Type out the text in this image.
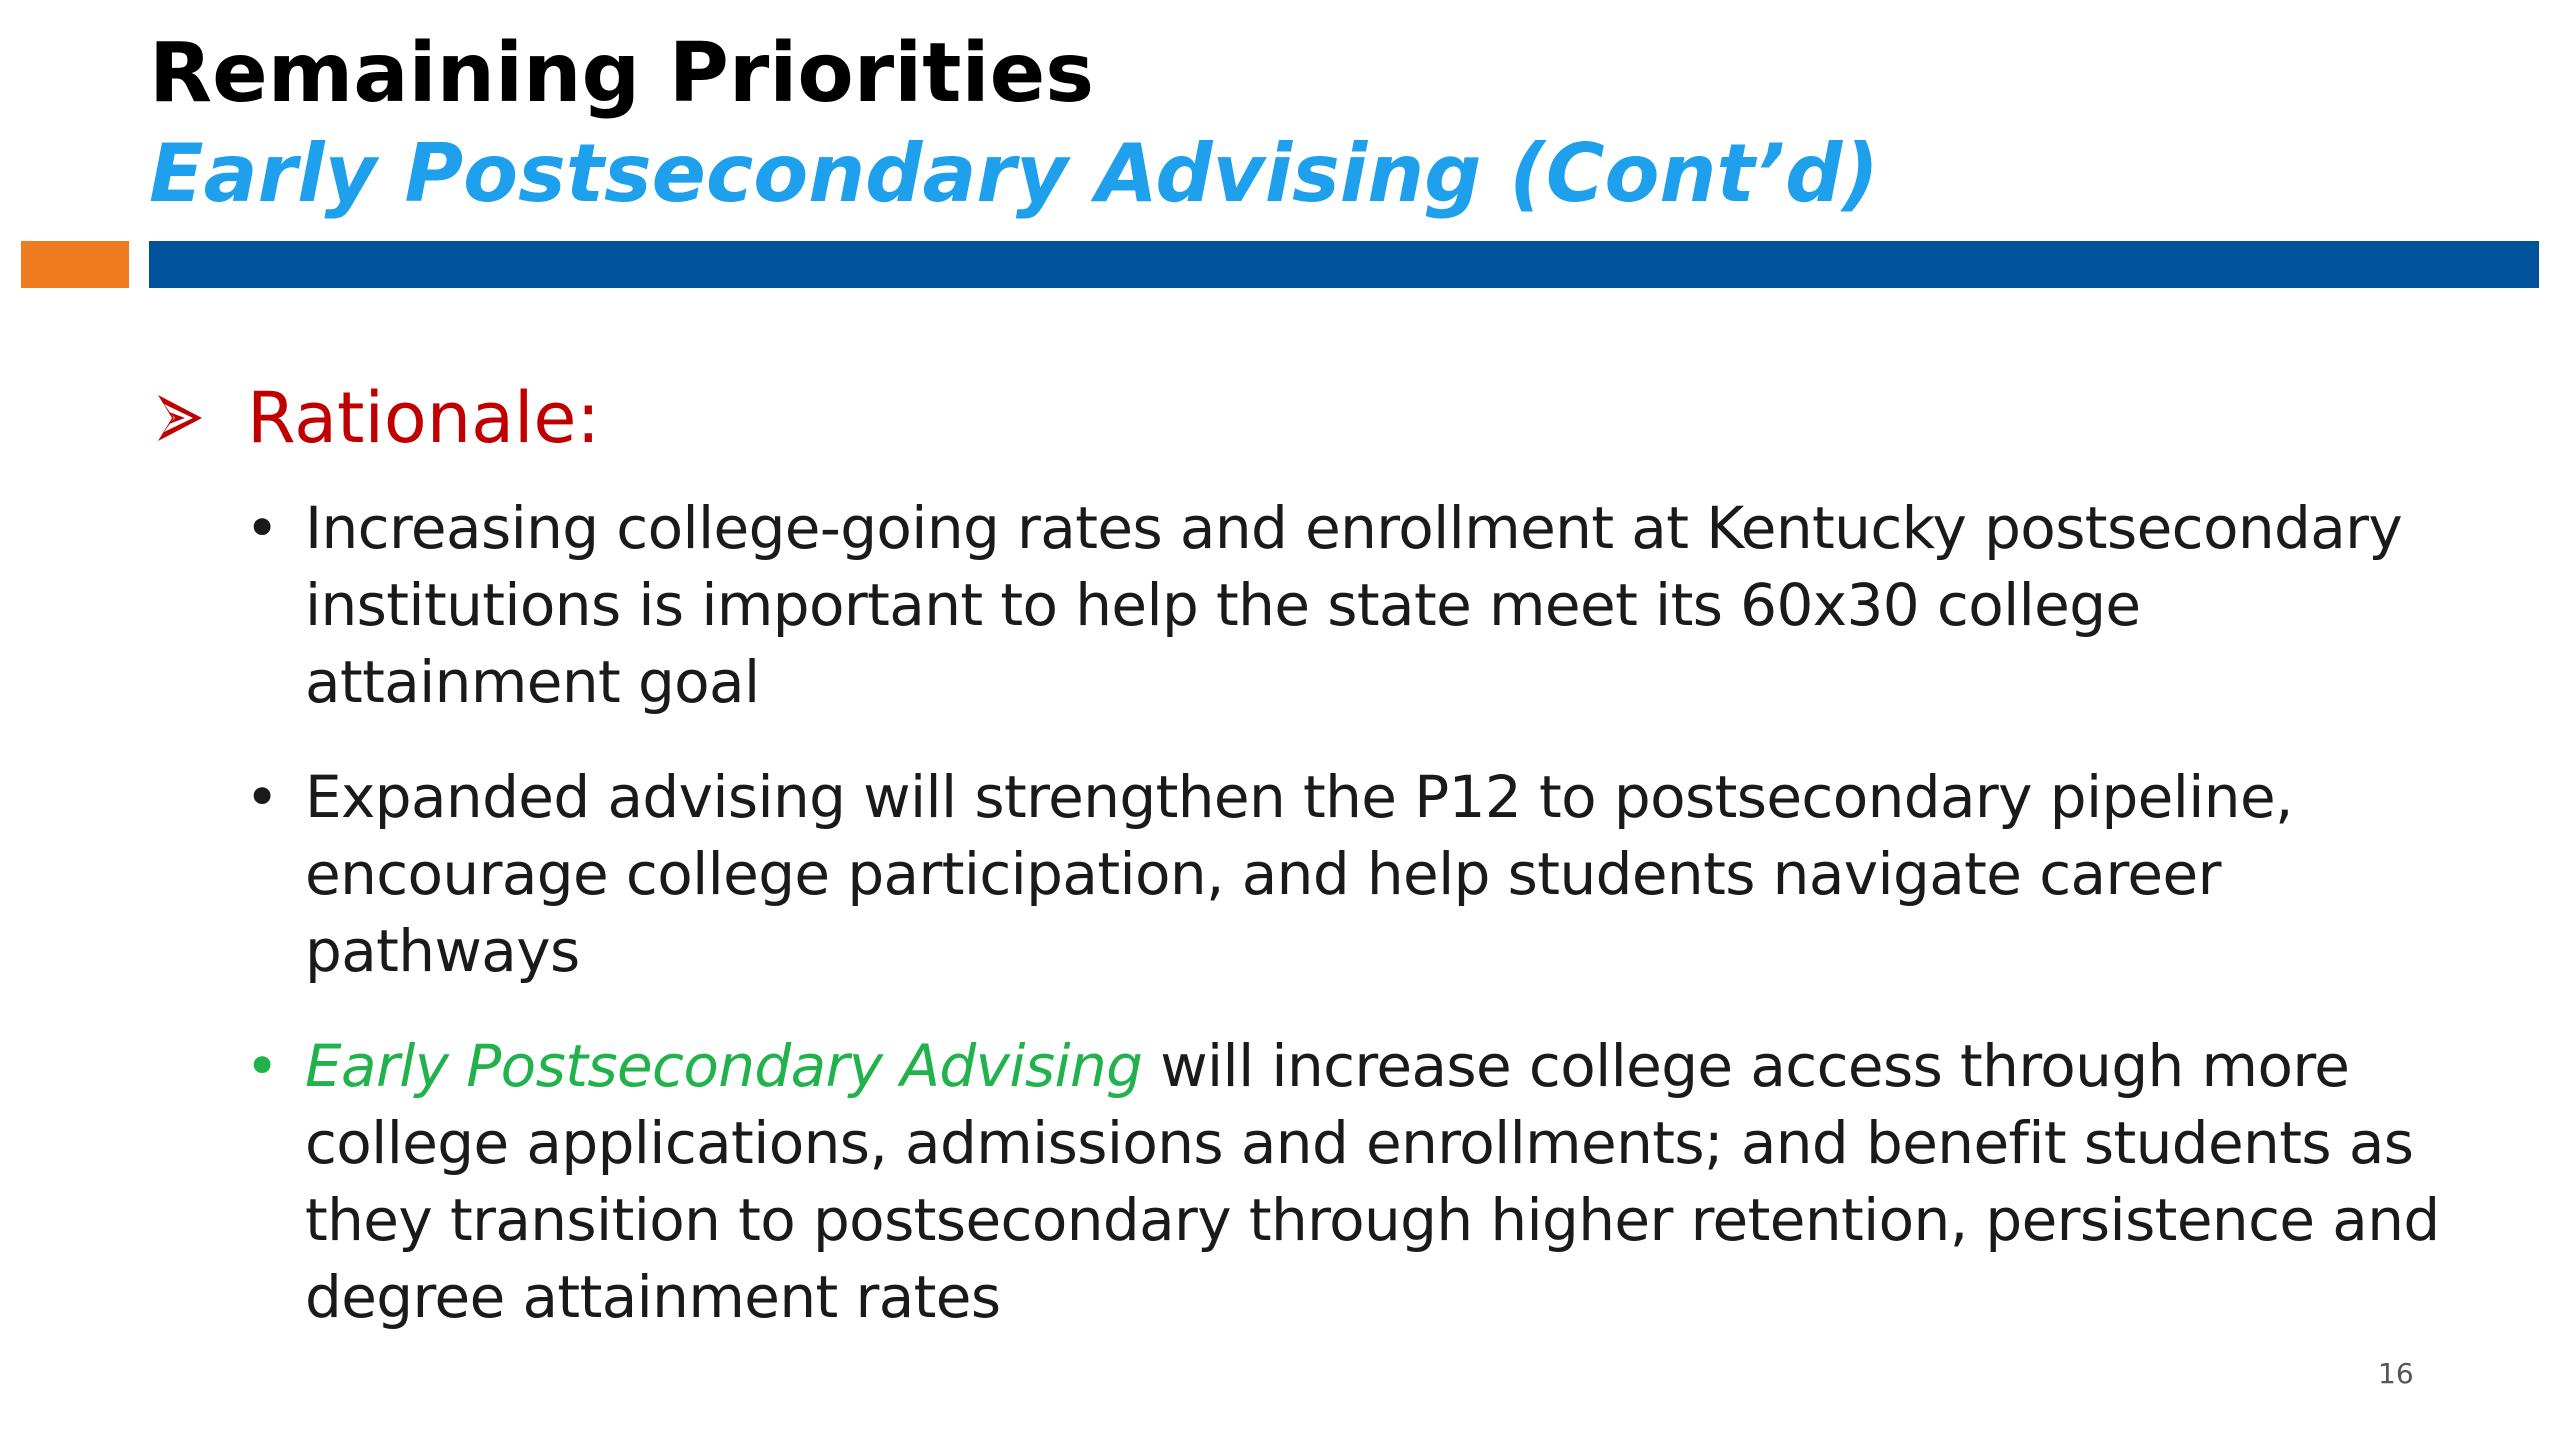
Remaining Priorities
Early Postsecondary Advising (Cont’d)
Rationale:
• Increasing college-going rates and enrollment at Kentucky postsecondary institutions is important to help the state meet its 60x30 college attainment goal
• Expanded advising will strengthen the P12 to postsecondary pipeline, encourage college participation, and help students navigate career pathways
• Early Postsecondary Advising will increase college access through more college applications, admissions and enrollments; and benefit students as they transition to postsecondary through higher retention, persistence and degree attainment rates
16
